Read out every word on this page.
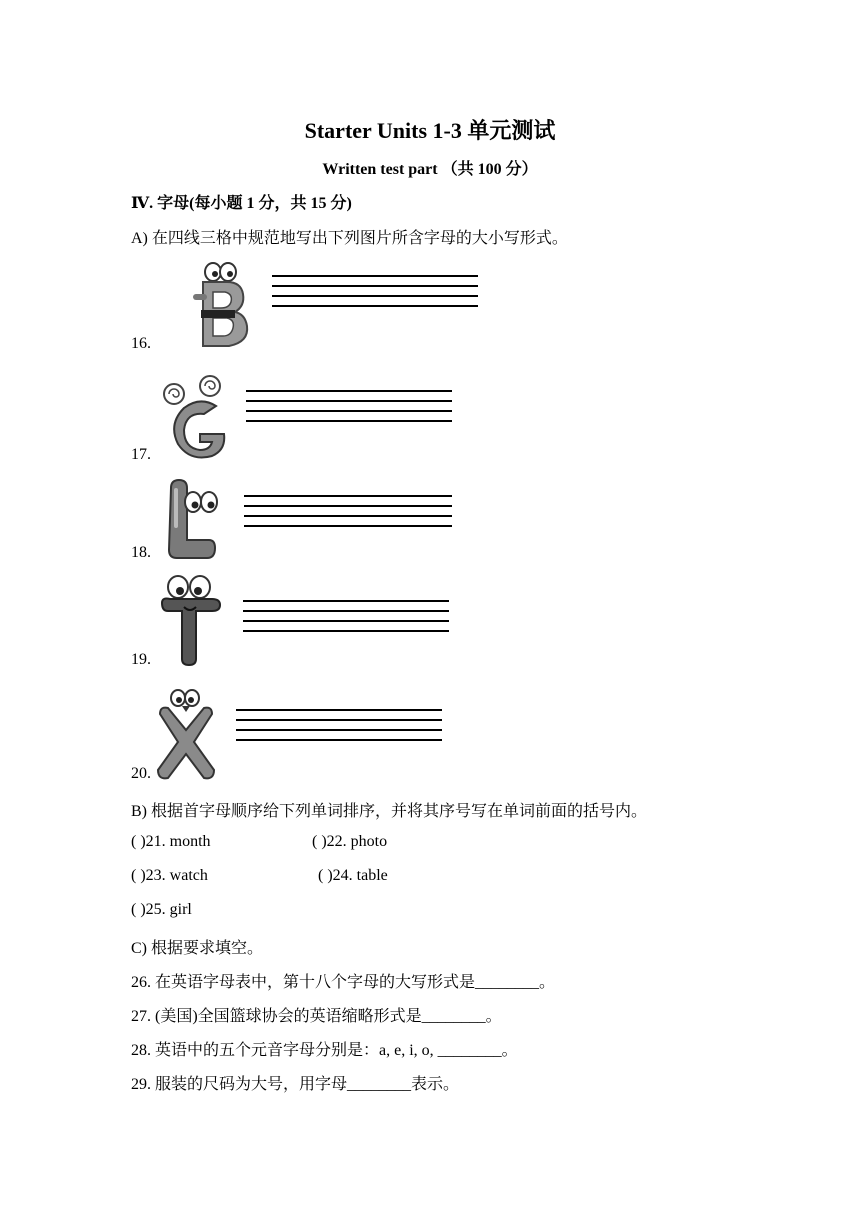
Starter Units 1-3 单元测试
Written test part （共 100 分）
Ⅳ. 字母(每小题 1 分，共 15 分)
A) 在四线三格中规范地写出下列图片所含字母的大小写形式。
16.
17.
18.
19.
20.
B) 根据首字母顺序给下列单词排序，并将其序号写在单词前面的括号内。
( )21. month	( )22. photo
( )23. watch	( )24. table
( )25. girl
C) 根据要求填空。
26. 在英语字母表中，第十八个字母的大写形式是________。
27. (美国)全国篮球协会的英语缩略形式是________。
28. 英语中的五个元音字母分别是：a, e, i, o, ________。
29. 服装的尺码为大号，用字母________表示。
